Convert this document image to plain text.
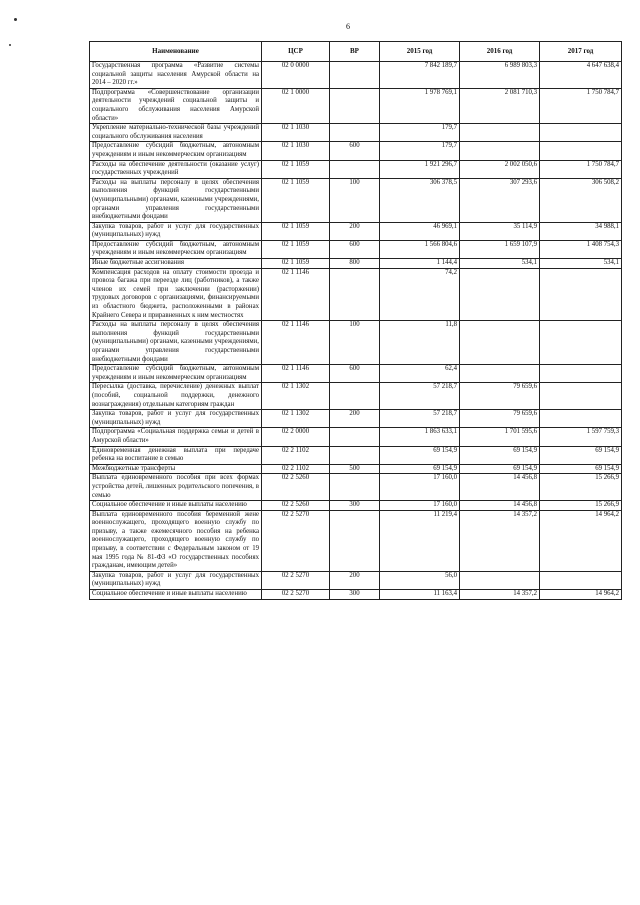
6
Наименование	ЦСР	ВР	2015 год	2016 год	2017 год
Государственная программа «Развитие системы социальной защиты населения Амурской области на 2014 – 2020 гг.»	02 0 0000		7 842 189,7	6 989 803,3	4 647 638,4
Подпрограмма «Совершенствование организации деятельности учреждений социальной защиты и социального обслуживания населения Амурской области»	02 1 0000		1 978 769,1	2 081 710,3	1 750 784,7
Укрепление материально-технической базы учреждений социального обслуживания населения	02 1 1030		179,7		
Предоставление субсидий бюджетным, автономным учреждениям и иным некоммерческим организациям	02 1 1030	600	179,7		
Расходы на обеспечение деятельности (оказание услуг) государственных учреждений	02 1 1059		1 921 296,7	2 002 050,6	1 750 784,7
Расходы на выплаты персоналу в целях обеспечения выполнения функций государственными (муниципальными) органами, казенными учреждениями, органами управления государственными внебюджетными фондами	02 1 1059	100	306 378,5	307 293,6	306 508,2
Закупка товаров, работ и услуг для государственных (муниципальных) нужд	02 1 1059	200	46 969,1	35 114,9	34 988,1
Предоставление субсидий бюджетным, автономным учреждениям и иным некоммерческим организациям	02 1 1059	600	1 566 804,6	1 659 107,9	1 408 754,3
Иные бюджетные ассигнования	02 1 1059	800	1 144,4	534,1	534,1
Компенсация расходов на оплату стоимости проезда и провоза багажа при переезде лиц (работников), а также членов их семей при заключении (расторжении) трудовых договоров с организациями, финансируемыми из областного бюджета, расположенными в районах Крайнего Севера и приравненных к ним местностях	02 1 1146		74,2		
Расходы на выплаты персоналу в целях обеспечения выполнения функций государственными (муниципальными) органами, казенными учреждениями, органами управления государственными внебюджетными фондами	02 1 1146	100	11,8		
Предоставление субсидий бюджетным, автономным учреждениям и иным некоммерческим организациям	02 1 1146	600	62,4		
Пересылка (доставка, перечисление) денежных выплат (пособий, социальной поддержки, денежного вознаграждения) отдельным категориям граждан	02 1 1302		57 218,7	79 659,6	
Закупка товаров, работ и услуг для государственных (муниципальных) нужд	02 1 1302	200	57 218,7	79 659,6	
Подпрограмма «Социальная поддержка семьи и детей в Амурской области»	02 2 0000		1 863 633,1	1 701 595,6	1 597 759,3
Единовременная денежная выплата при передаче ребенка на воспитание в семью	02 2 1102		69 154,9	69 154,9	69 154,9
Межбюджетные трансферты	02 2 1102	500	69 154,9	69 154,9	69 154,9
Выплата единовременного пособия при всех формах устройства детей, лишенных родительского попечения, в семью	02 2 5260		17 160,0	14 456,8	15 266,9
Социальное обеспечение и иные выплаты населению	02 2 5260	300	17 160,0	14 456,8	15 266,9
Выплата единовременного пособия беременной жене военнослужащего, проходящего военную службу по призыву, а также ежемесячного пособия на ребенка военнослужащего, проходящего военную службу по призыву, в соответствии с Федеральным законом от 19 мая 1995 года № 81-ФЗ «О государственных пособиях гражданам, имеющим детей»	02 2 5270		11 219,4	14 357,2	14 964,2
Закупка товаров, работ и услуг для государственных (муниципальных) нужд	02 2 5270	200	56,0		
Социальное обеспечение и иные выплаты населению	02 2 5270	300	11 163,4	14 357,2	14 964,2
